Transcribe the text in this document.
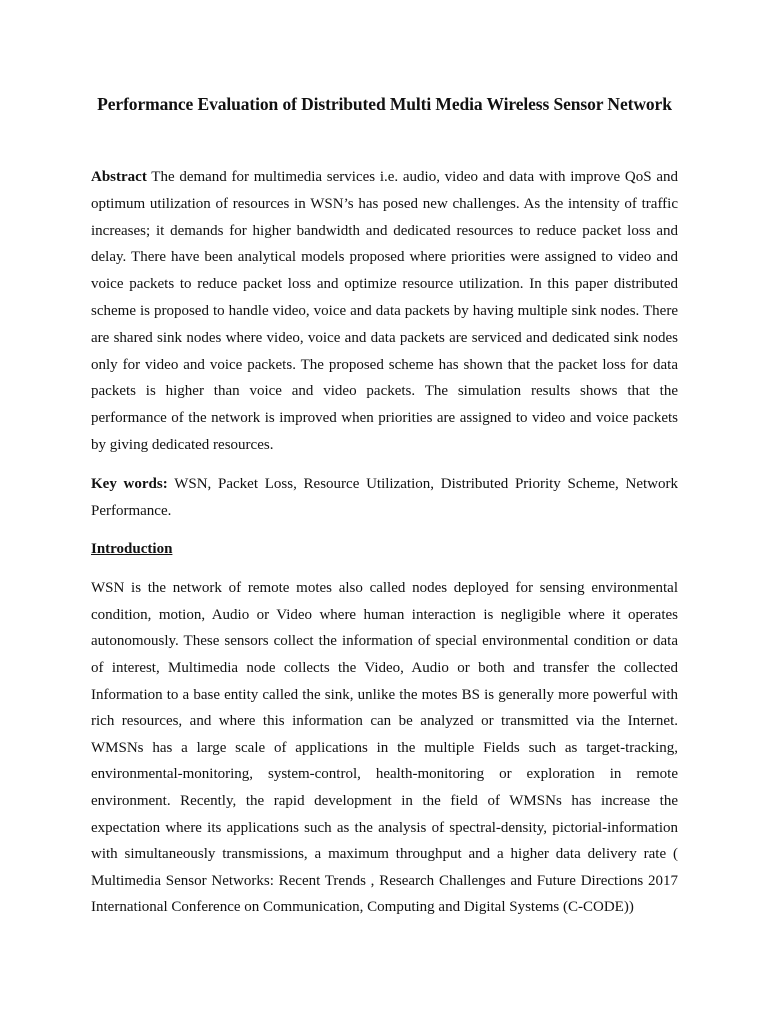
Performance Evaluation of Distributed Multi Media Wireless Sensor Network

Abstract The demand for multimedia services i.e. audio, video and data with improve QoS and optimum utilization of resources in WSN’s has posed new challenges. As the intensity of traffic increases; it demands for higher bandwidth and dedicated resources to reduce packet loss and delay. There have been analytical models proposed where priorities were assigned to video and voice packets to reduce packet loss and optimize resource utilization. In this paper distributed scheme is proposed to handle video, voice and data packets by having multiple sink nodes. There are shared sink nodes where video, voice and data packets are serviced and dedicated sink nodes only for video and voice packets. The proposed scheme has shown that the packet loss for data packets is higher than voice and video packets. The simulation results shows that the performance of the network is improved when priorities are assigned to video and voice packets by giving dedicated resources.

Key words: WSN, Packet Loss, Resource Utilization, Distributed Priority Scheme, Network Performance.

Introduction

WSN is the network of remote motes also called nodes deployed for sensing environmental condition, motion, Audio or Video where human interaction is negligible where it operates autonomously. These sensors collect the information of special environmental condition or data of interest, Multimedia node collects the Video, Audio or both and transfer the collected Information to a base entity called the sink, unlike the motes BS is generally more powerful with rich resources, and where this information can be analyzed or transmitted via the Internet. WMSNs has a large scale of applications in the multiple Fields such as target-tracking, environmental-monitoring, system-control, health-monitoring or exploration in remote environment. Recently, the rapid development in the field of WMSNs has increase the expectation where its applications such as the analysis of spectral-density, pictorial-information with simultaneously transmissions, a maximum throughput and a higher data delivery rate ( Multimedia Sensor Networks: Recent Trends , Research Challenges and Future Directions 2017 International Conference on Communication, Computing and Digital Systems (C-CODE))
